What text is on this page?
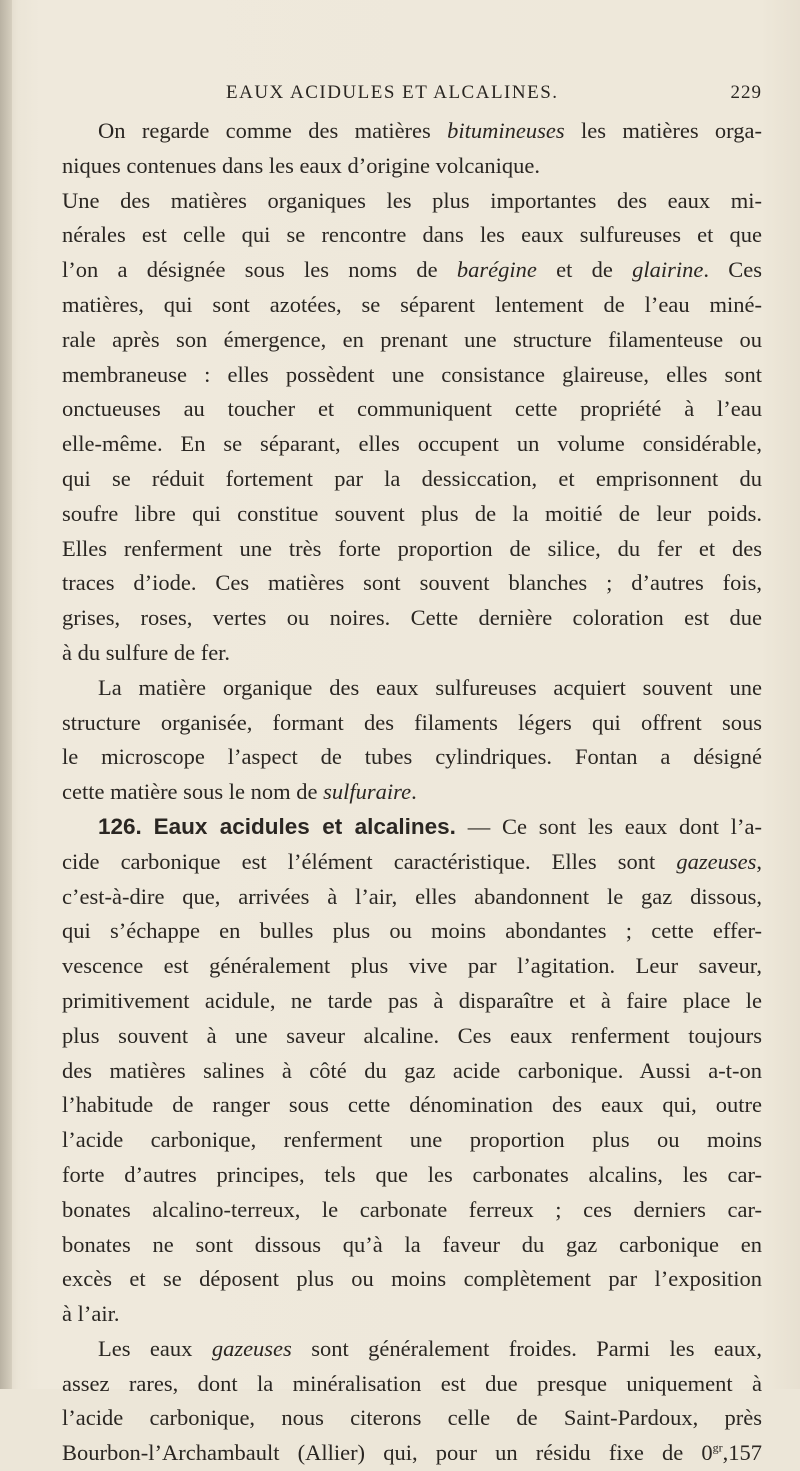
EAUX ACIDULES ET ALCALINES.	229
On regarde comme des matières bitumineuses les matières orga-
niques contenues dans les eaux d’origine volcanique.
Une des matières organiques les plus importantes des eaux mi-
nérales est celle qui se rencontre dans les eaux sulfureuses et que
l’on a désignée sous les noms de barégine et de glairine. Ces
matières, qui sont azotées, se séparent lentement de l’eau miné-
rale après son émergence, en prenant une structure filamenteuse ou
membraneuse : elles possèdent une consistance glaireuse, elles sont
onctueuses au toucher et communiquent cette propriété à l’eau
elle-même. En se séparant, elles occupent un volume considérable,
qui se réduit fortement par la dessiccation, et emprisonnent du
soufre libre qui constitue souvent plus de la moitié de leur poids.
Elles renferment une très forte proportion de silice, du fer et des
traces d’iode. Ces matières sont souvent blanches ; d’autres fois,
grises, roses, vertes ou noires. Cette dernière coloration est due
à du sulfure de fer.
La matière organique des eaux sulfureuses acquiert souvent une
structure organisée, formant des filaments légers qui offrent sous
le microscope l’aspect de tubes cylindriques. Fontan a désigné
cette matière sous le nom de sulfuraire.
126. Eaux acidules et alcalines. — Ce sont les eaux dont l’a-
cide carbonique est l’élément caractéristique. Elles sont gazeuses,
c’est-à-dire que, arrivées à l’air, elles abandonnent le gaz dissous,
qui s’échappe en bulles plus ou moins abondantes ; cette effer-
vescence est généralement plus vive par l’agitation. Leur saveur,
primitivement acidule, ne tarde pas à disparaître et à faire place le
plus souvent à une saveur alcaline. Ces eaux renferment toujours
des matières salines à côté du gaz acide carbonique. Aussi a-t-on
l’habitude de ranger sous cette dénomination des eaux qui, outre
l’acide carbonique, renferment une proportion plus ou moins
forte d’autres principes, tels que les carbonates alcalins, les car-
bonates alcalino-terreux, le carbonate ferreux ; ces derniers car-
bonates ne sont dissous qu’à la faveur du gaz carbonique en
excès et se déposent plus ou moins complètement par l’exposition
à l’air.
Les eaux gazeuses sont généralement froides. Parmi les eaux,
assez rares, dont la minéralisation est due presque uniquement à
l’acide carbonique, nous citerons celle de Saint-Pardoux, près
Bourbon-l’Archambault (Allier) qui, pour un résidu fixe de $0^{gr},157$
